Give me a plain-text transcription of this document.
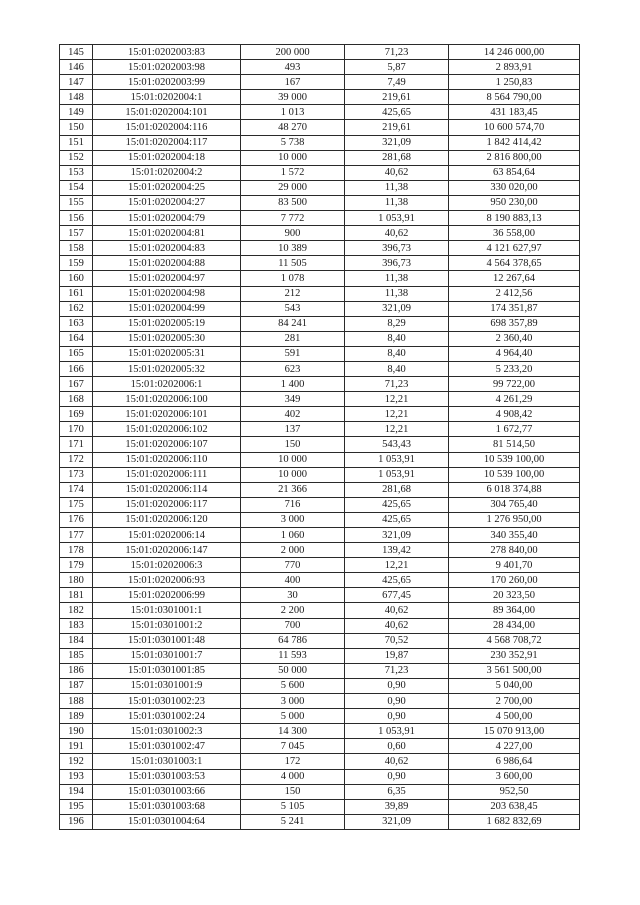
145	15:01:0202003:83	200 000	71,23	14 246 000,00
146	15:01:0202003:98	493	5,87	2 893,91
147	15:01:0202003:99	167	7,49	1 250,83
148	15:01:0202004:1	39 000	219,61	8 564 790,00
149	15:01:0202004:101	1 013	425,65	431 183,45
150	15:01:0202004:116	48 270	219,61	10 600 574,70
151	15:01:0202004:117	5 738	321,09	1 842 414,42
152	15:01:0202004:18	10 000	281,68	2 816 800,00
153	15:01:0202004:2	1 572	40,62	63 854,64
154	15:01:0202004:25	29 000	11,38	330 020,00
155	15:01:0202004:27	83 500	11,38	950 230,00
156	15:01:0202004:79	7 772	1 053,91	8 190 883,13
157	15:01:0202004:81	900	40,62	36 558,00
158	15:01:0202004:83	10 389	396,73	4 121 627,97
159	15:01:0202004:88	11 505	396,73	4 564 378,65
160	15:01:0202004:97	1 078	11,38	12 267,64
161	15:01:0202004:98	212	11,38	2 412,56
162	15:01:0202004:99	543	321,09	174 351,87
163	15:01:0202005:19	84 241	8,29	698 357,89
164	15:01:0202005:30	281	8,40	2 360,40
165	15:01:0202005:31	591	8,40	4 964,40
166	15:01:0202005:32	623	8,40	5 233,20
167	15:01:0202006:1	1 400	71,23	99 722,00
168	15:01:0202006:100	349	12,21	4 261,29
169	15:01:0202006:101	402	12,21	4 908,42
170	15:01:0202006:102	137	12,21	1 672,77
171	15:01:0202006:107	150	543,43	81 514,50
172	15:01:0202006:110	10 000	1 053,91	10 539 100,00
173	15:01:0202006:111	10 000	1 053,91	10 539 100,00
174	15:01:0202006:114	21 366	281,68	6 018 374,88
175	15:01:0202006:117	716	425,65	304 765,40
176	15:01:0202006:120	3 000	425,65	1 276 950,00
177	15:01:0202006:14	1 060	321,09	340 355,40
178	15:01:0202006:147	2 000	139,42	278 840,00
179	15:01:0202006:3	770	12,21	9 401,70
180	15:01:0202006:93	400	425,65	170 260,00
181	15:01:0202006:99	30	677,45	20 323,50
182	15:01:0301001:1	2 200	40,62	89 364,00
183	15:01:0301001:2	700	40,62	28 434,00
184	15:01:0301001:48	64 786	70,52	4 568 708,72
185	15:01:0301001:7	11 593	19,87	230 352,91
186	15:01:0301001:85	50 000	71,23	3 561 500,00
187	15:01:0301001:9	5 600	0,90	5 040,00
188	15:01:0301002:23	3 000	0,90	2 700,00
189	15:01:0301002:24	5 000	0,90	4 500,00
190	15:01:0301002:3	14 300	1 053,91	15 070 913,00
191	15:01:0301002:47	7 045	0,60	4 227,00
192	15:01:0301003:1	172	40,62	6 986,64
193	15:01:0301003:53	4 000	0,90	3 600,00
194	15:01:0301003:66	150	6,35	952,50
195	15:01:0301003:68	5 105	39,89	203 638,45
196	15:01:0301004:64	5 241	321,09	1 682 832,69
